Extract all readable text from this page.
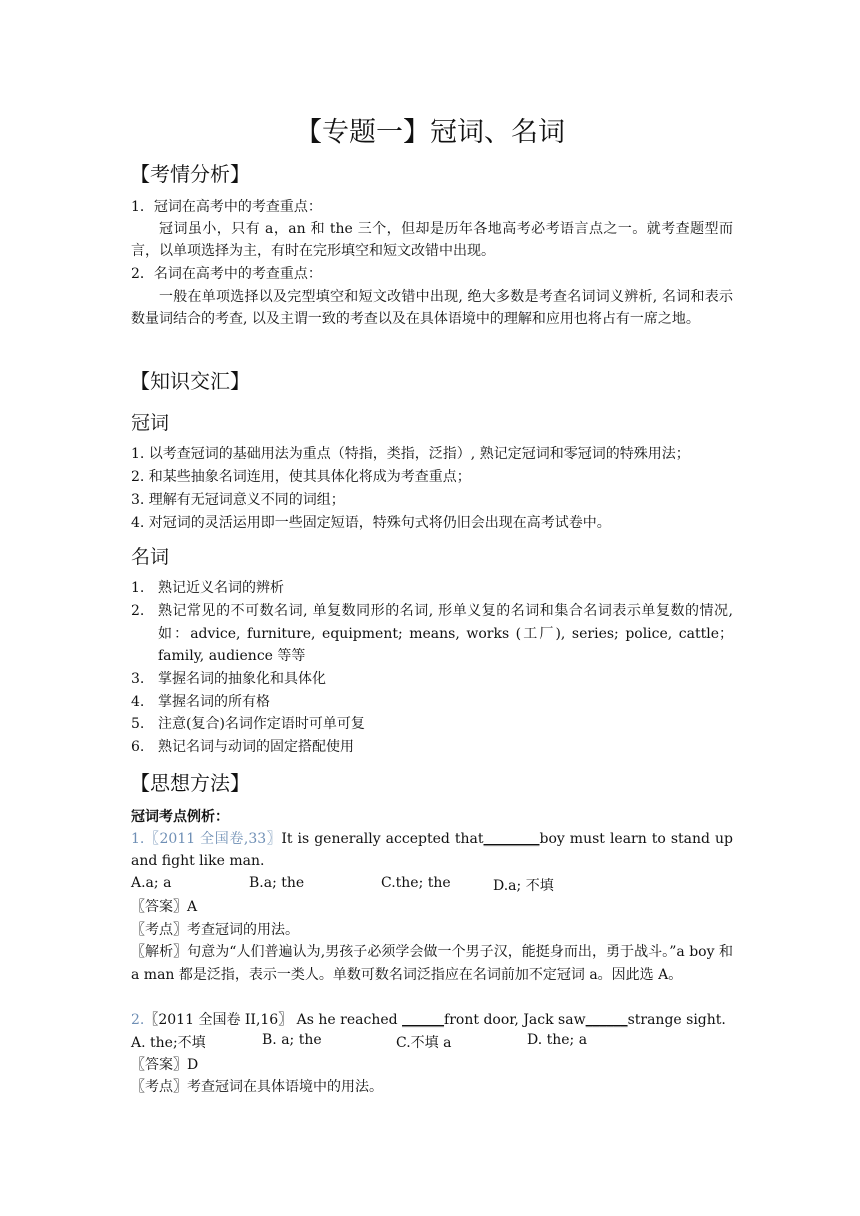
【专题一】冠词、名词
【考情分析】
1．冠词在高考中的考查重点：
冠词虽小，只有 a，an 和 the 三个，但却是历年各地高考必考语言点之一。就考查题型而言，以单项选择为主，有时在完形填空和短文改错中出现。
2．名词在高考中的考查重点：
一般在单项选择以及完型填空和短文改错中出现, 绝大多数是考查名词词义辨析, 名词和表示数量词结合的考查, 以及主谓一致的考查以及在具体语境中的理解和应用也将占有一席之地。
【知识交汇】
冠词
1. 以考查冠词的基础用法为重点（特指，类指，泛指）, 熟记定冠词和零冠词的特殊用法；
2. 和某些抽象名词连用，使其具体化将成为考查重点；
3. 理解有无冠词意义不同的词组；
4. 对冠词的灵活运用即一些固定短语，特殊句式将仍旧会出现在高考试卷中。
名词
1. 熟记近义名词的辨析
2. 熟记常见的不可数名词, 单复数同形的名词, 形单义复的名词和集合名词表示单复数的情况, 如：advice, furniture, equipment; means, works (工厂), series; police, cattle；family, audience 等等
3. 掌握名词的抽象化和具体化
4. 掌握名词的所有格
5. 注意(复合)名词作定语时可单可复
6. 熟记名词与动词的固定搭配使用
【思想方法】
冠词考点例析：
1.〖2011 全国卷,33〗It is generally accepted that________boy must learn to stand up and fight like man.
A.a; a	B.a; the	C.the; the	D.a; 不填
〖答案〗A
〖考点〗考查冠词的用法。
〖解析〗句意为“人们普遍认为,男孩子必须学会做一个男子汉，能挺身而出，勇于战斗。”a boy 和 a man 都是泛指，表示一类人。单数可数名词泛指应在名词前加不定冠词 a。因此选 A。
2.〖2011 全国卷 II,16〗 As he reached ______front door, Jack saw______strange sight.
A. the;不填	B. a; the	C.不填 a	D. the; a
〖答案〗D
〖考点〗考查冠词在具体语境中的用法。
